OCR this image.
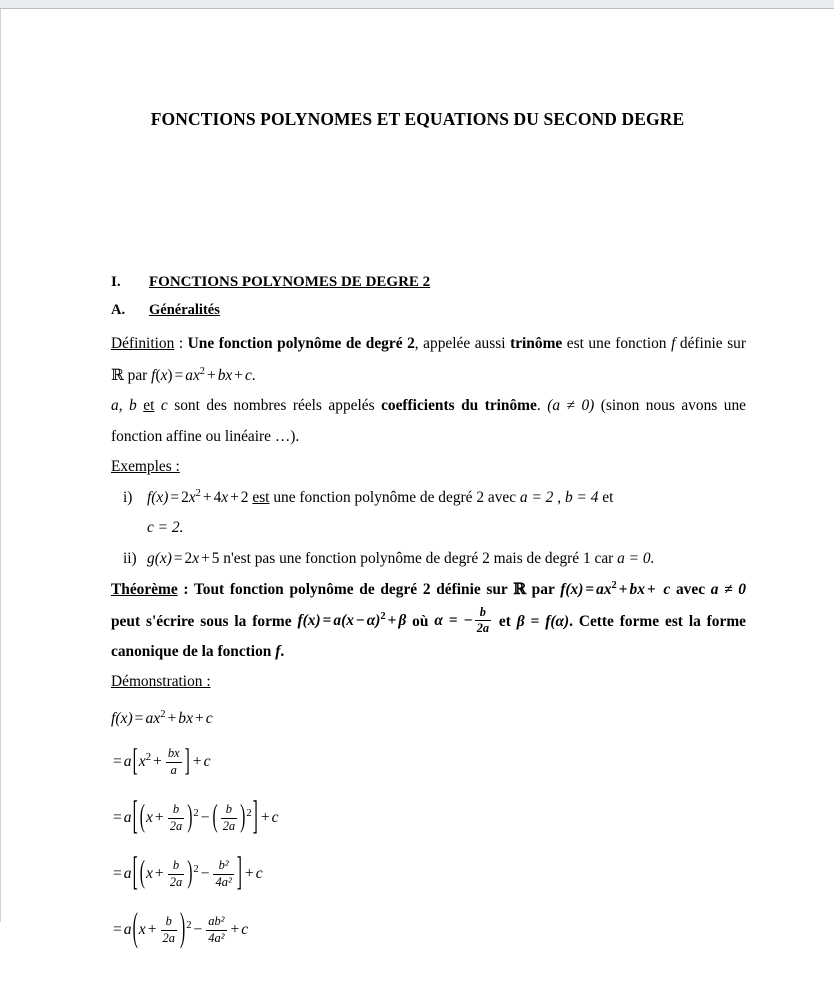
FONCTIONS POLYNOMES ET EQUATIONS DU SECOND DEGRE
I.	FONCTIONS POLYNOMES DE DEGRE 2
A.	Généralités

Définition : Une fonction polynôme de degré 2, appelée aussi trinôme est une fonction f définie sur ℝ par $f(x) = ax^2$ + bx + c.

a, b et c sont des nombres réels appelés coefficients du trinôme. (a ≠ 0) (sinon nous avons une fonction affine ou linéaire …).

Exemples :

i) $f(x) = 2x^2 + 4x + 2$ est une fonction polynôme de degré 2 avec a = 2 , b = 4 et
c = 2.
ii) g(x) = 2x + 5 n'est pas une fonction polynôme de degré 2 mais de degré 1 car a = 0.

Théorème : Tout fonction polynôme de degré 2 définie sur ℝ par $f(x) = ax^2$ + bx + c avec a ≠ 0 peut s'écrire sous la forme $f(x) = a(x - \alpha)^2 + \beta$ où α = − $\frac{b}{2a}$ et β = f(α). Cette forme est la forme canonique de la fonction f.

Démonstration :

$f(x) = ax^2$ + bx + c
= $a[x^2 + \frac{bx}{a}$ ] + c
= a[ $(x + \frac{b}{2a} )^2$ − ( $\frac{b}{2a} )^2] + c$
= a[ $(x + \frac{b}{2a} )^2 - \frac{\text{b²}}{\text{4a²}}$ ] + c
= $a(x + \frac{b}{2a} )^2 - \frac{\text{ab²}}{\text{4a²}} + c$
